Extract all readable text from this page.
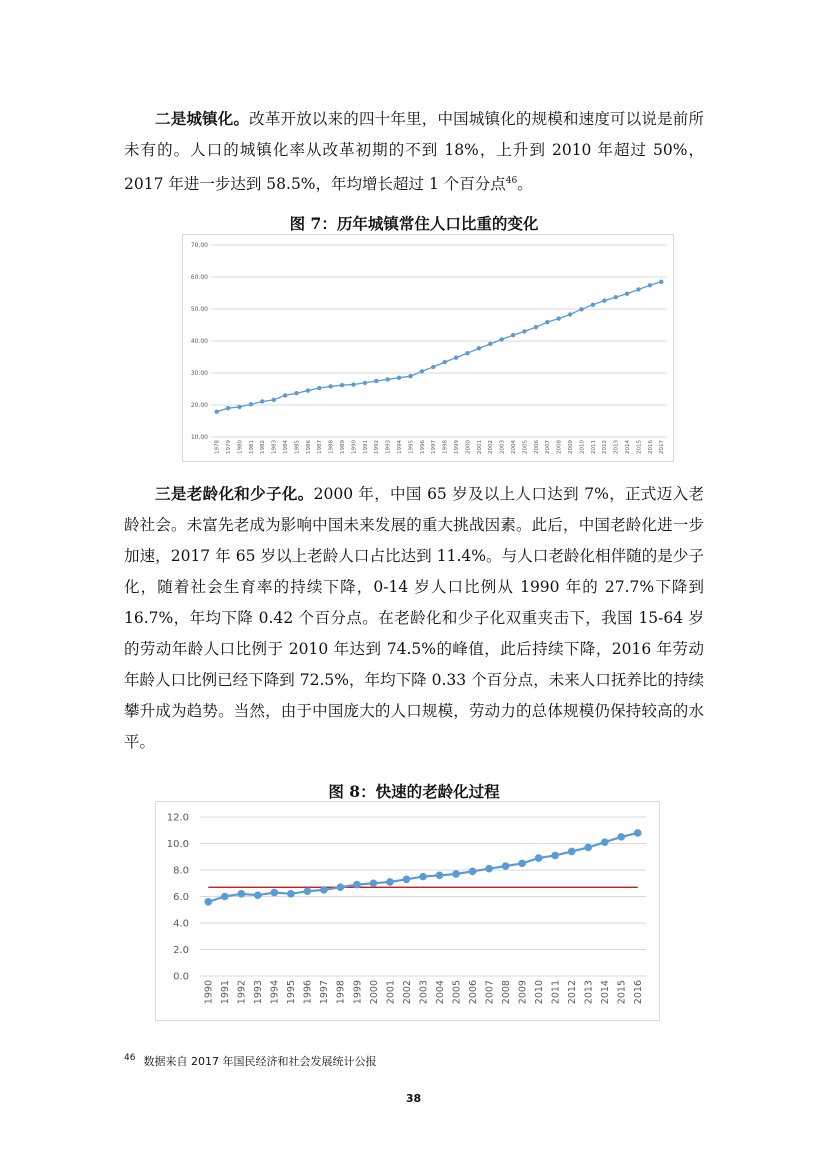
二是城镇化。改革开放以来的四十年里，中国城镇化的规模和速度可以说是前所未有的。人口的城镇化率从改革初期的不到 18%，上升到 2010 年超过 50%，2017 年进一步达到 58.5%，年均增长超过 1 个百分点$^{46}$。

图 7：历年城镇常住人口比重的变化
10.00
20.00
30.00
40.00
50.00
60.00
70.00
1978 1979 1980 1981 1982 1983 1984 1985 1986 1987 1988 1989 1990 1991 1992 1993 1994 1995 1996 1997 1998 1999 2000 2001 2002 2003 2004 2005 2006 2007 2008 2009 2010 2011 2012 2013 2014 2015 2016 2017

三是老龄化和少子化。2000 年，中国 65 岁及以上人口达到 7%，正式迈入老龄社会。未富先老成为影响中国未来发展的重大挑战因素。此后，中国老龄化进一步加速，2017 年 65 岁以上老龄人口占比达到 11.4%。与人口老龄化相伴随的是少子化，随着社会生育率的持续下降，0-14 岁人口比例从 1990 年的 27.7%下降到 16.7%，年均下降 0.42 个百分点。在老龄化和少子化双重夹击下，我国 15-64 岁的劳动年龄人口比例于 2010 年达到 74.5%的峰值，此后持续下降，2016 年劳动年龄人口比例已经下降到 72.5%，年均下降 0.33 个百分点，未来人口抚养比的持续攀升成为趋势。当然，由于中国庞大的人口规模，劳动力的总体规模仍保持较高的水平。

图 8：快速的老龄化过程
0.0
2.0
4.0
6.0
8.0
10.0
12.0
1990 1991 1992 1993 1994 1995 1996 1997 1998 1999 2000 2001 2002 2003 2004 2005 2006 2007 2008 2009 2010 2011 2012 2013 2014 2015 2016
$^{46}$ 数据来自 2017 年国民经济和社会发展统计公报
38
